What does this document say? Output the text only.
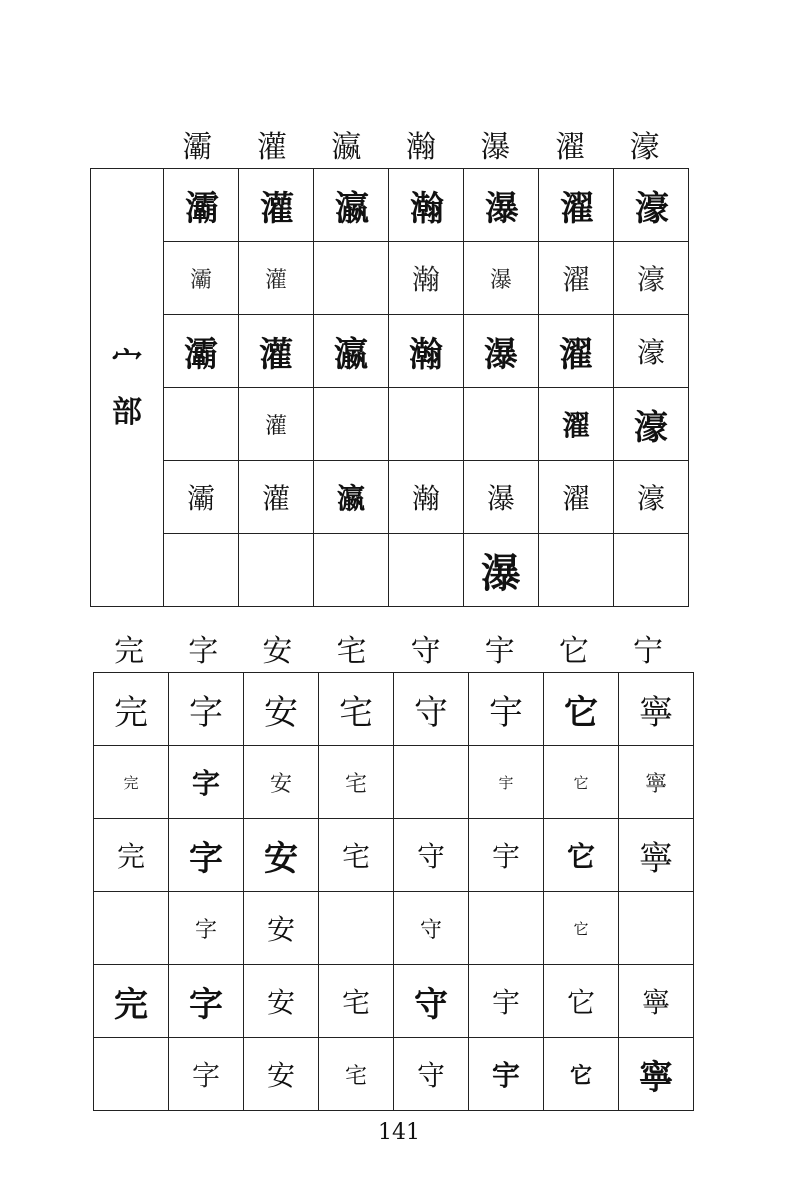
灞	灌	瀛	瀚	瀑	濯	濠
宀
部	灞	灌	瀛	瀚	瀑	濯	濠
	灞	灌		瀚	瀑	濯	濠
	灞	灌	瀛	瀚	瀑	濯	濠
		灌				濯	濠
	灞	灌	瀛	瀚	瀑	濯	濠
					瀑		
完	字	安	宅	守	宇	它	宁
完	字	安	宅	守	宇	它	寧
完	字	安	宅		宇	它	寧
完	字	安	宅	守	宇	它	寧
	字	安		守		它	
完	字	安	宅	守	宇	它	寧
	字	安	宅	守	宇	它	寧
141
